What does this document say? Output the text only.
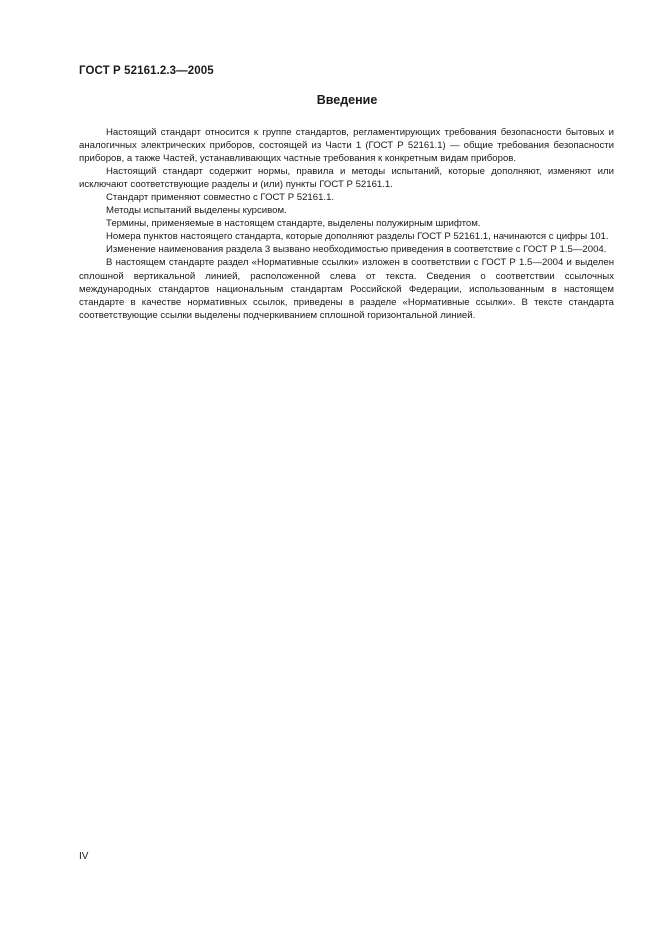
ГОСТ Р 52161.2.3—2005
Введение

Настоящий стандарт относится к группе стандартов, регламентирующих требования безопасности бытовых и аналогичных электрических приборов, состоящей из Части 1 (ГОСТ Р 52161.1) — общие требования безопасности приборов, а также Частей, устанавливающих частные требования к конкретным видам приборов.

Настоящий стандарт содержит нормы, правила и методы испытаний, которые дополняют, изменяют или исключают соответствующие разделы и (или) пункты ГОСТ Р 52161.1.

Стандарт применяют совместно с ГОСТ Р 52161.1.

Методы испытаний выделены курсивом.

Термины, применяемые в настоящем стандарте, выделены полужирным шрифтом.

Номера пунктов настоящего стандарта, которые дополняют разделы ГОСТ Р 52161.1, начинаются с цифры 101.

Изменение наименования раздела 3 вызвано необходимостью приведения в соответствие с ГОСТ Р 1.5—2004.

В настоящем стандарте раздел «Нормативные ссылки» изложен в соответствии с ГОСТ Р 1.5—2004 и выделен сплошной вертикальной линией, расположенной слева от текста. Сведения о соответствии ссылочных международных стандартов национальным стандартам Российской Федерации, использованным в настоящем стандарте в качестве нормативных ссылок, приведены в разделе «Нормативные ссылки». В тексте стандарта соответствующие ссылки выделены подчеркиванием сплошной горизонтальной линией.

IV
